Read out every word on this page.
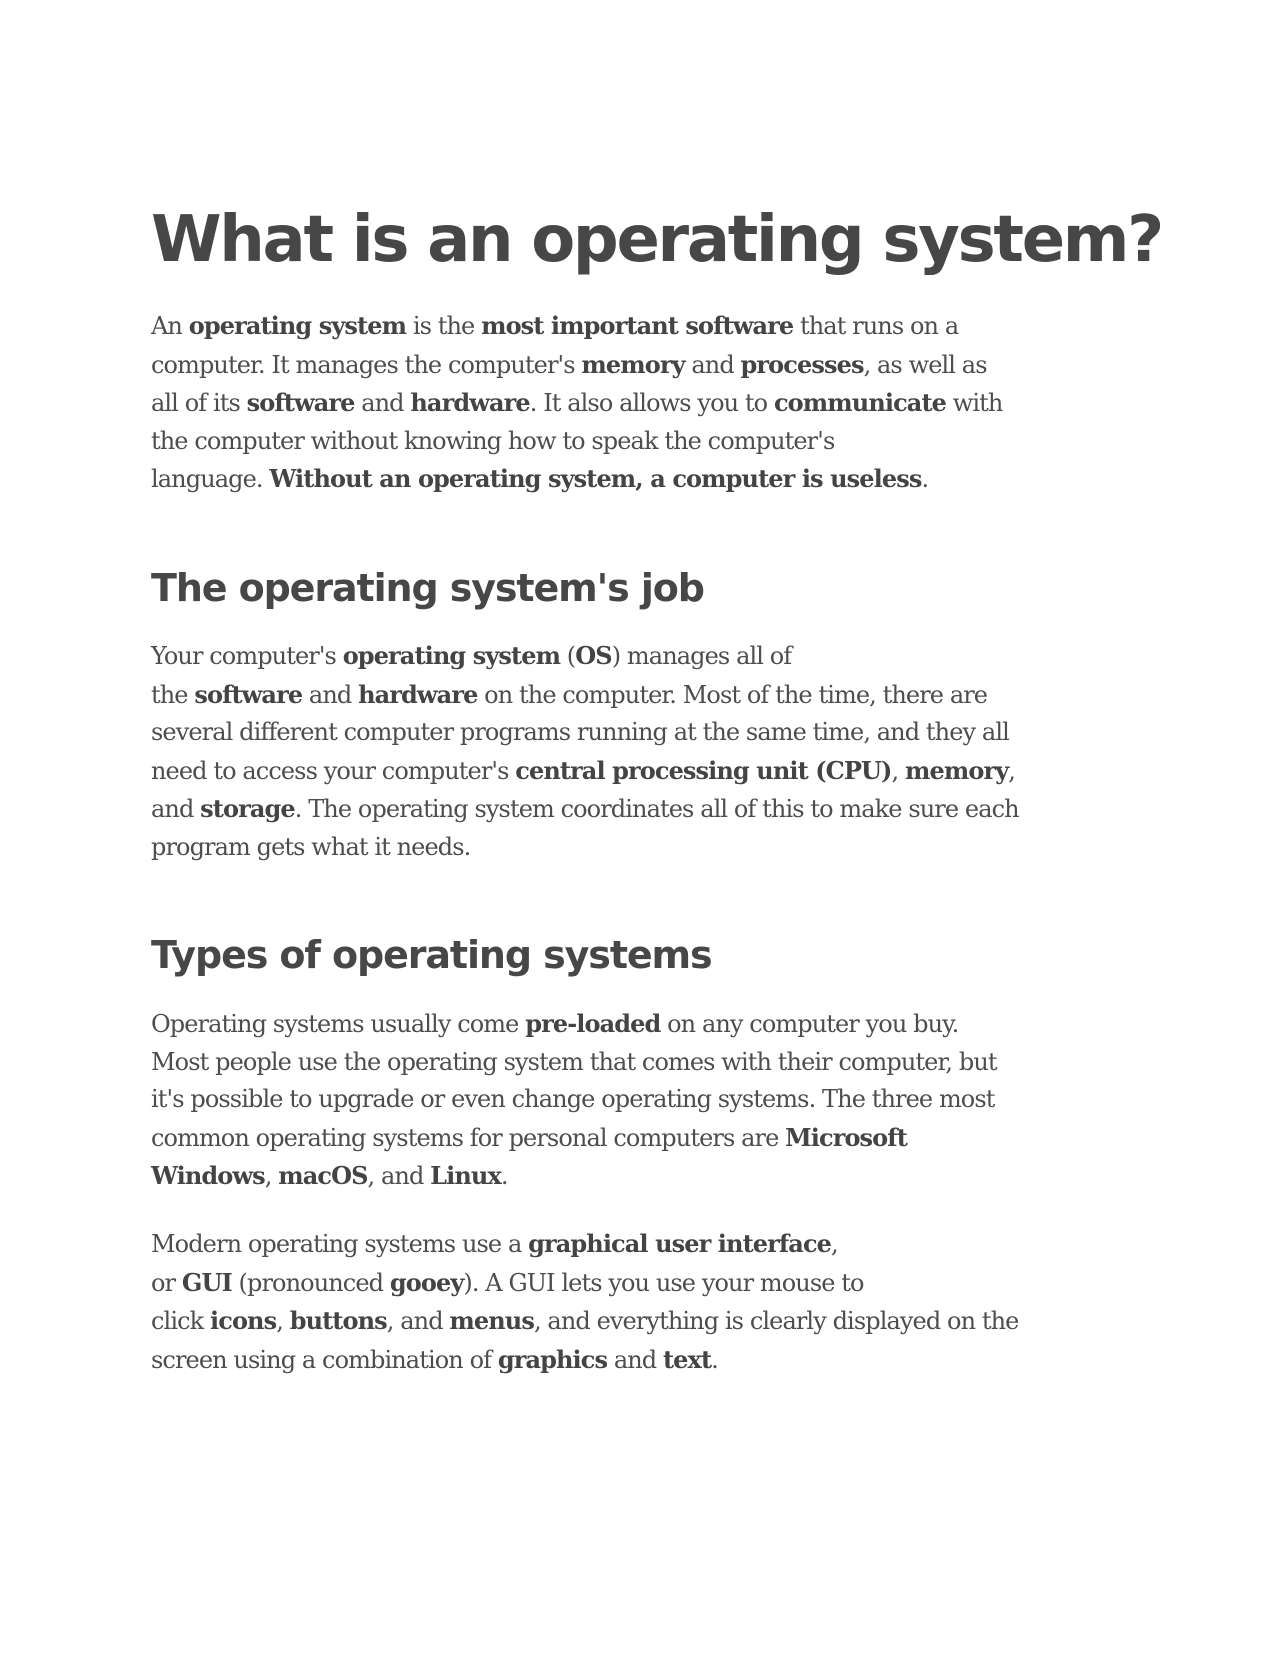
What is an operating system?

An operating system is the most important software that runs on a
computer. It manages the computer's memory and processes, as well as
all of its software and hardware. It also allows you to communicate with
the computer without knowing how to speak the computer's
language. Without an operating system, a computer is useless.

The operating system's job

Your computer's operating system (OS) manages all of
the software and hardware on the computer. Most of the time, there are
several different computer programs running at the same time, and they all
need to access your computer's central processing unit (CPU), memory,
and storage. The operating system coordinates all of this to make sure each
program gets what it needs.

Types of operating systems

Operating systems usually come pre-loaded on any computer you buy.
Most people use the operating system that comes with their computer, but
it's possible to upgrade or even change operating systems. The three most
common operating systems for personal computers are Microsoft
Windows, macOS, and Linux.

Modern operating systems use a graphical user interface,
or GUI (pronounced gooey). A GUI lets you use your mouse to
click icons, buttons, and menus, and everything is clearly displayed on the
screen using a combination of graphics and text.
